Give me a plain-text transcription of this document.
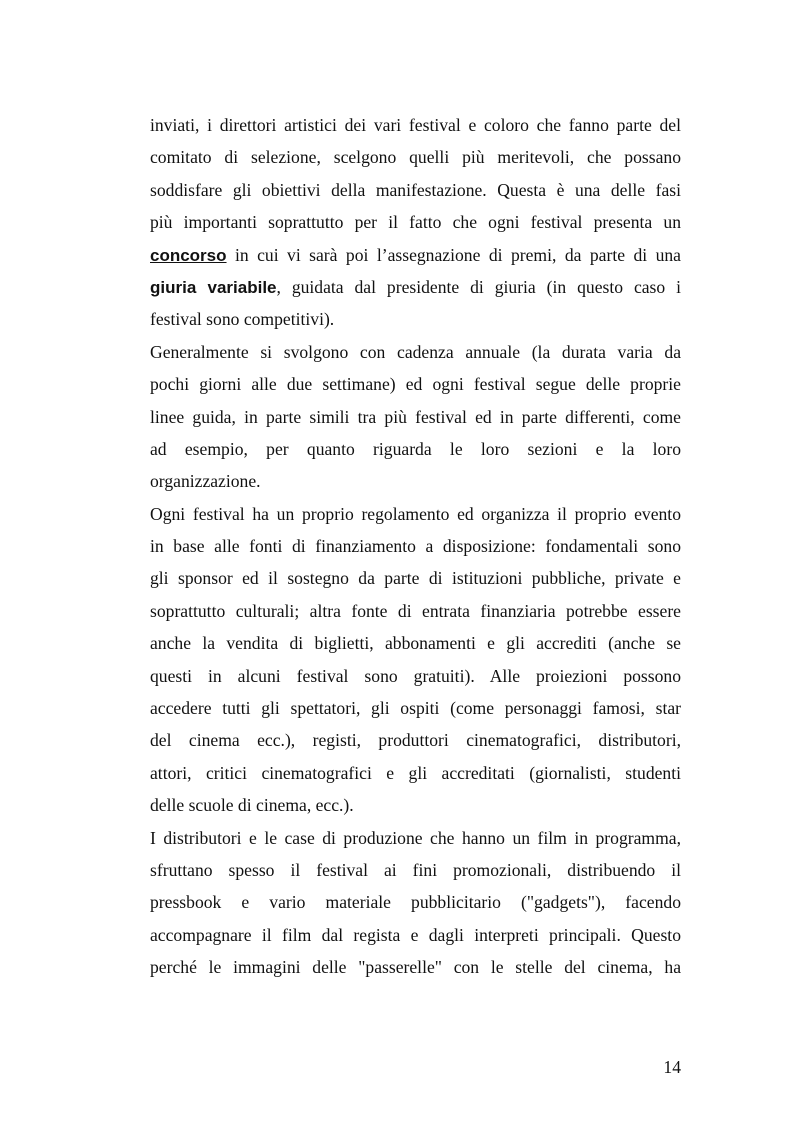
inviati, i direttori artistici dei vari festival e coloro che fanno parte del
comitato di selezione, scelgono quelli più meritevoli, che possano
soddisfare gli obiettivi della manifestazione. Questa è una delle fasi
più importanti soprattutto per il fatto che ogni festival presenta un
concorso in cui vi sarà poi l’assegnazione di premi, da parte di una
giuria variabile, guidata dal presidente di giuria (in questo caso i
festival sono competitivi).
Generalmente si svolgono con cadenza annuale (la durata varia da
pochi giorni alle due settimane) ed ogni festival segue delle proprie
linee guida, in parte simili tra più festival ed in parte differenti, come
ad esempio, per quanto riguarda le loro sezioni e la loro
organizzazione.
Ogni festival ha un proprio regolamento ed organizza il proprio evento
in base alle fonti di finanziamento a disposizione: fondamentali sono
gli sponsor ed il sostegno da parte di istituzioni pubbliche, private e
soprattutto culturali; altra fonte di entrata finanziaria potrebbe essere
anche la vendita di biglietti, abbonamenti e gli accrediti (anche se
questi in alcuni festival sono gratuiti). Alle proiezioni possono
accedere tutti gli spettatori, gli ospiti (come personaggi famosi, star
del cinema ecc.), registi, produttori cinematografici, distributori,
attori, critici cinematografici e gli accreditati (giornalisti, studenti
delle scuole di cinema, ecc.).
I distributori e le case di produzione che hanno un film in programma,
sfruttano spesso il festival ai fini promozionali, distribuendo il
pressbook e vario materiale pubblicitario ("gadgets"), facendo
accompagnare il film dal regista e dagli interpreti principali. Questo
perché le immagini delle "passerelle" con le stelle del cinema, ha
14
